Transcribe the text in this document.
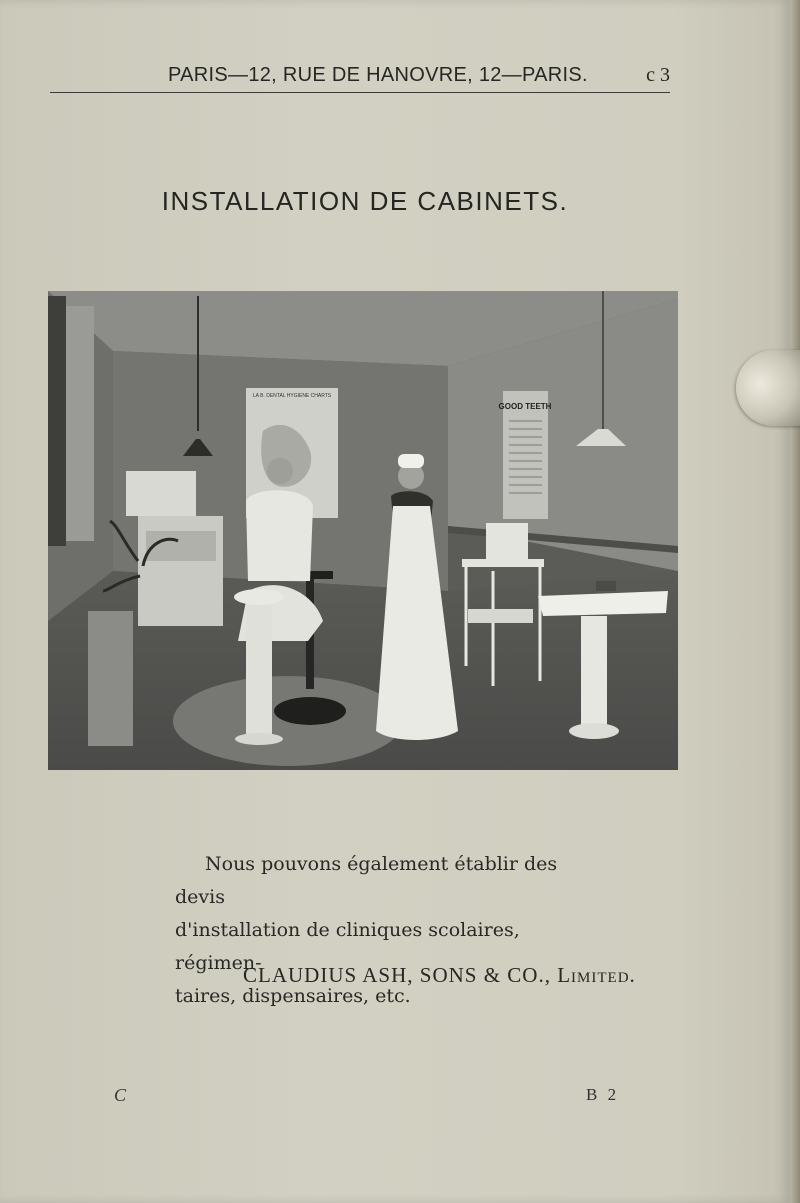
PARIS—12, RUE DE HANOVRE, 12—PARIS.	c 3
INSTALLATION DE CABINETS.
LA B. DENTAL HYGIENE CHARTS
GOOD TEETH

Nous pouvons également établir des devis

d'installation de cliniques scolaires, régimen-

taires, dispensaires, etc.

CLAUDIUS ASH, SONS & CO., Limited.
C	B 2
